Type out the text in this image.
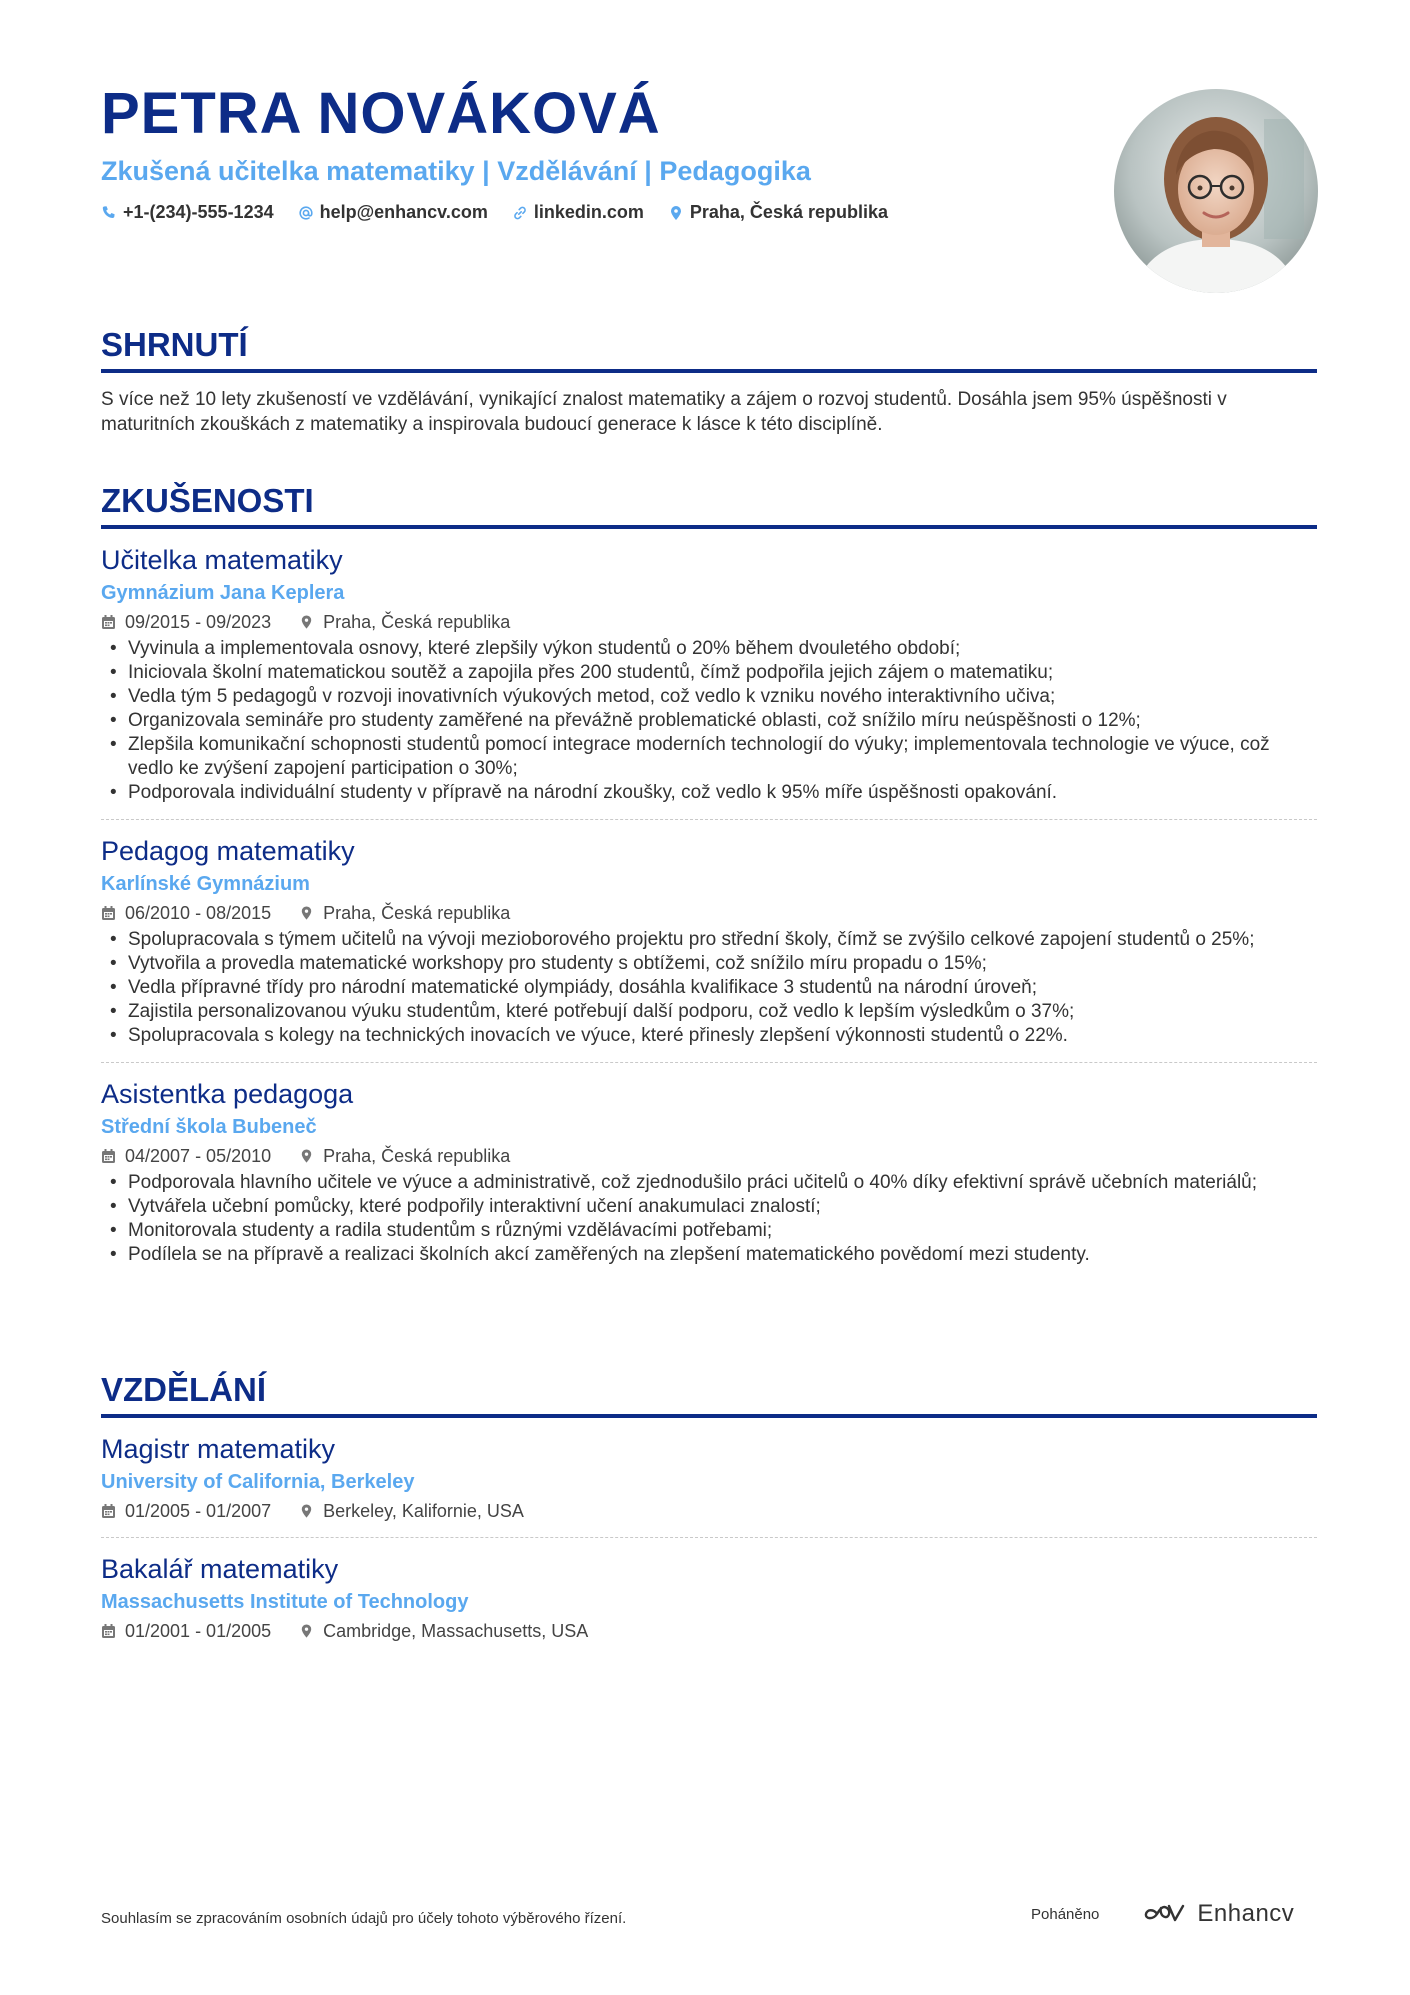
PETRA NOVÁKOVÁ
Zkušená učitelka matematiky | Vzdělávání | Pedagogika
+1-(234)-555-1234	help@enhancv.com	linkedin.com	Praha, Česká republika
SHRNUTÍ
S více než 10 lety zkušeností ve vzdělávání, vynikající znalost matematiky a zájem o rozvoj studentů. Dosáhla jsem 95% úspěšnosti v maturitních zkouškách z matematiky a inspirovala budoucí generace k lásce k této disciplíně.
ZKUŠENOSTI
Učitelka matematiky
Gymnázium Jana Keplera
09/2015 - 09/2023	Praha, Česká republika
• Vyvinula a implementovala osnovy, které zlepšily výkon studentů o 20% během dvouletého období;
• Iniciovala školní matematickou soutěž a zapojila přes 200 studentů, čímž podpořila jejich zájem o matematiku;
• Vedla tým 5 pedagogů v rozvoji inovativních výukových metod, což vedlo k vzniku nového interaktivního učiva;
• Organizovala semináře pro studenty zaměřené na převážně problematické oblasti, což snížilo míru neúspěšnosti o 12%;
• Zlepšila komunikační schopnosti studentů pomocí integrace moderních technologií do výuky; implementovala technologie ve výuce, což vedlo ke zvýšení zapojení participation o 30%;
• Podporovala individuální studenty v přípravě na národní zkoušky, což vedlo k 95% míře úspěšnosti opakování.
Pedagog matematiky
Karlínské Gymnázium
06/2010 - 08/2015	Praha, Česká republika
• Spolupracovala s týmem učitelů na vývoji mezioborového projektu pro střední školy, čímž se zvýšilo celkové zapojení studentů o 25%;
• Vytvořila a provedla matematické workshopy pro studenty s obtížemi, což snížilo míru propadu o 15%;
• Vedla přípravné třídy pro národní matematické olympiády, dosáhla kvalifikace 3 studentů na národní úroveň;
• Zajistila personalizovanou výuku studentům, které potřebují další podporu, což vedlo k lepším výsledkům o 37%;
• Spolupracovala s kolegy na technických inovacích ve výuce, které přinesly zlepšení výkonnosti studentů o 22%.
Asistentka pedagoga
Střední škola Bubeneč
04/2007 - 05/2010	Praha, Česká republika
• Podporovala hlavního učitele ve výuce a administrativě, což zjednodušilo práci učitelů o 40% díky efektivní správě učebních materiálů;
• Vytvářela učební pomůcky, které podpořily interaktivní učení anakumulaci znalostí;
• Monitorovala studenty a radila studentům s různými vzdělávacími potřebami;
• Podílela se na přípravě a realizaci školních akcí zaměřených na zlepšení matematického povědomí mezi studenty.
VZDĚLÁNÍ
Magistr matematiky
University of California, Berkeley
01/2005 - 01/2007	Berkeley, Kalifornie, USA
Bakalář matematiky
Massachusetts Institute of Technology
01/2001 - 01/2005	Cambridge, Massachusetts, USA
Souhlasím se zpracováním osobních údajů pro účely tohoto výběrového řízení.	Poháněno	Enhancv
